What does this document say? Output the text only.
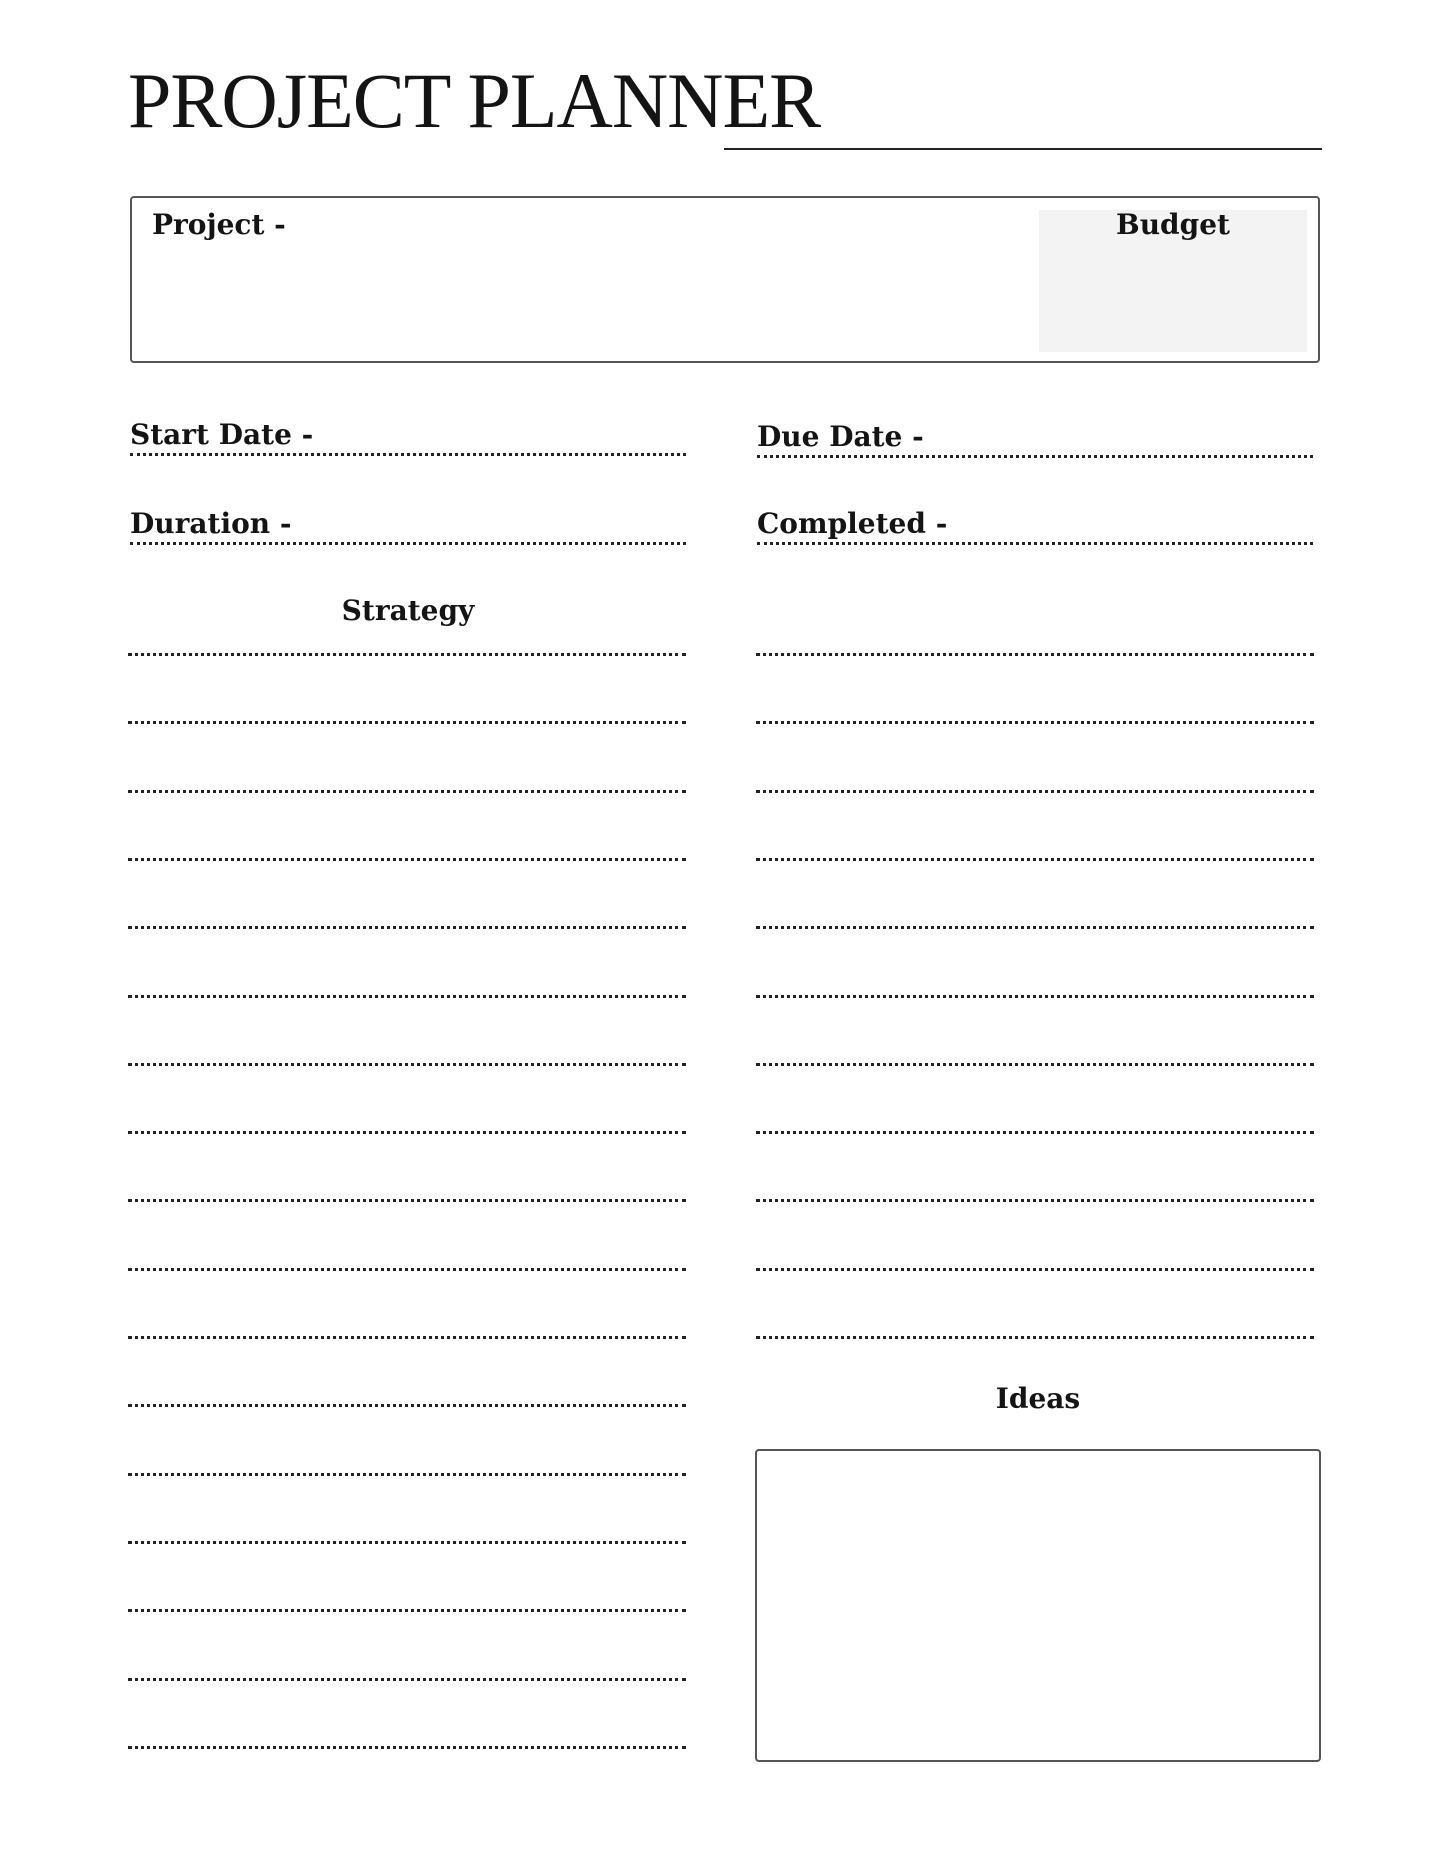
PROJECT PLANNER
Project -	Budget
Start Date -	Due Date -
Duration -	Completed -
Strategy
Ideas
